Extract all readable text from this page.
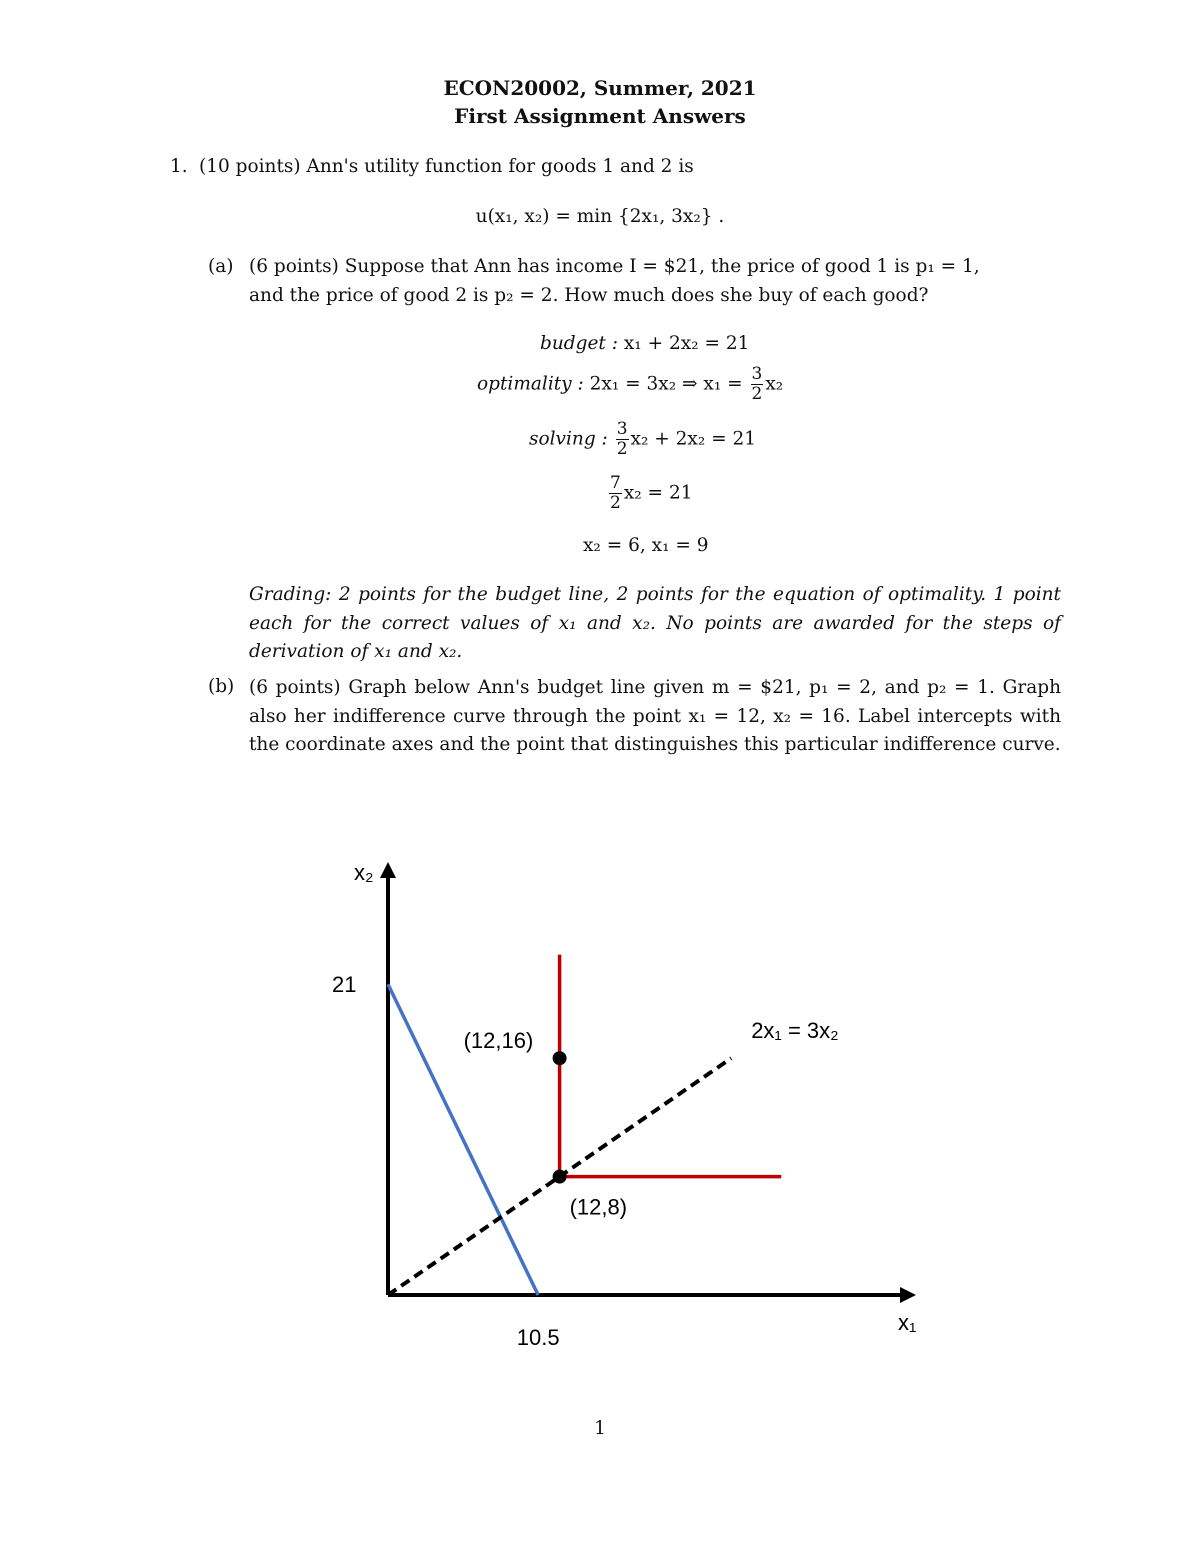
ECON20002, Summer, 2021
First Assignment Answers
1. (10 points) Ann's utility function for goods 1 and 2 is
u(x₁, x₂) = min {2x₁, 3x₂} .
(a) (6 points) Suppose that Ann has income I = $21, the price of good 1 is p₁ = 1,
and the price of good 2 is p₂ = 2. How much does she buy of each good?
budget : x₁ + 2x₂ = 21
optimality : 2x₁ = 3x₂ ⇒ $x_1 = \frac{3}{2} x_2$
solving : $\frac{3}{2} x_2 + 2x_2 = 21$
$\frac{7}{2} x_2 = 21$
x₂ = 6, x₁ = 9
Grading: 2 points for the budget line, 2 points for the equation of optimality. 1 point each for the correct values of x₁ and x₂. No points are awarded for the steps of derivation of x₁ and x₂.
(b) (6 points) Graph below Ann's budget line given m = $21, p₁ = 2, and p₂ = 1. Graph also her indifference curve through the point x₁ = 12, x₂ = 16. Label intercepts with the coordinate axes and the point that distinguishes this particular indifference curve.
x₂
x₁
21
10.5
2x₁ = 3x₂
(12,16)
(12,8)
1
